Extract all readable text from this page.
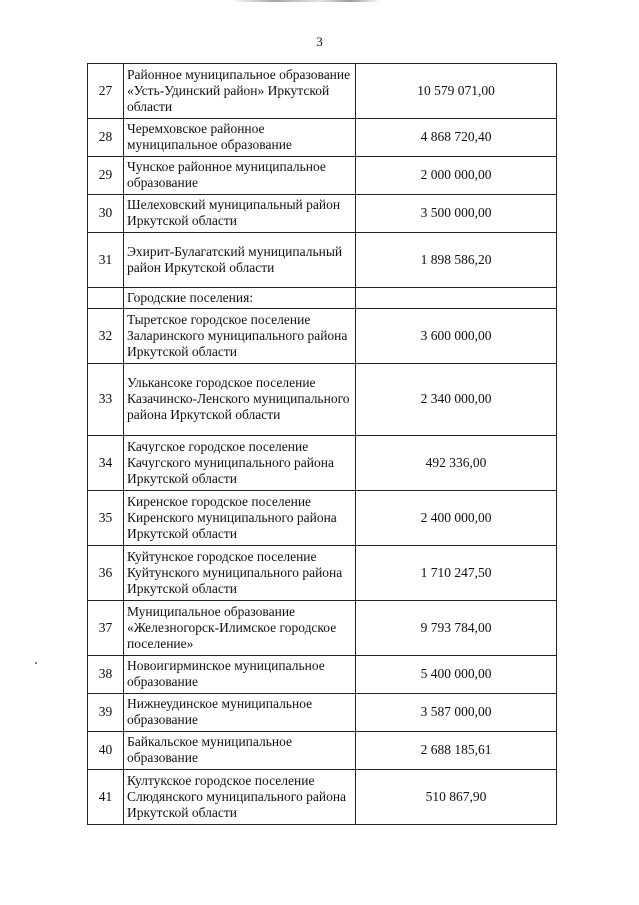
3
27	Районное муниципальное образование «Усть-Удинский район» Иркутской области	10 579 071,00
28	Черемховское районное муниципальное образование	4 868 720,40
29	Чунское районное муниципальное образование	2 000 000,00
30	Шелеховский муниципальный район Иркутской области	3 500 000,00
31	Эхирит-Булагатский муниципальный район Иркутской области	1 898 586,20
	Городские поселения:	
32	Тыретское городское поселение Заларинского муниципального района Иркутской области	3 600 000,00
33	Улькансоке городское поселение Казачинско-Ленского муниципального района Иркутской области	2 340 000,00
34	Качугское городское поселение Качугского муниципального района Иркутской области	492 336,00
35	Киренское городское поселение Киренского муниципального района Иркутской области	2 400 000,00
36	Куйтунское городское поселение Куйтунского муниципального района Иркутской области	1 710 247,50
37	Муниципальное образование «Железногорск-Илимское городское поселение»	9 793 784,00
38	Новоигирминское муниципальное образование	5 400 000,00
39	Нижнеудинское муниципальное образование	3 587 000,00
40	Байкальское муниципальное образование	2 688 185,61
41	Култукское городское поселение Слюдянского муниципального района Иркутской области	510 867,90
